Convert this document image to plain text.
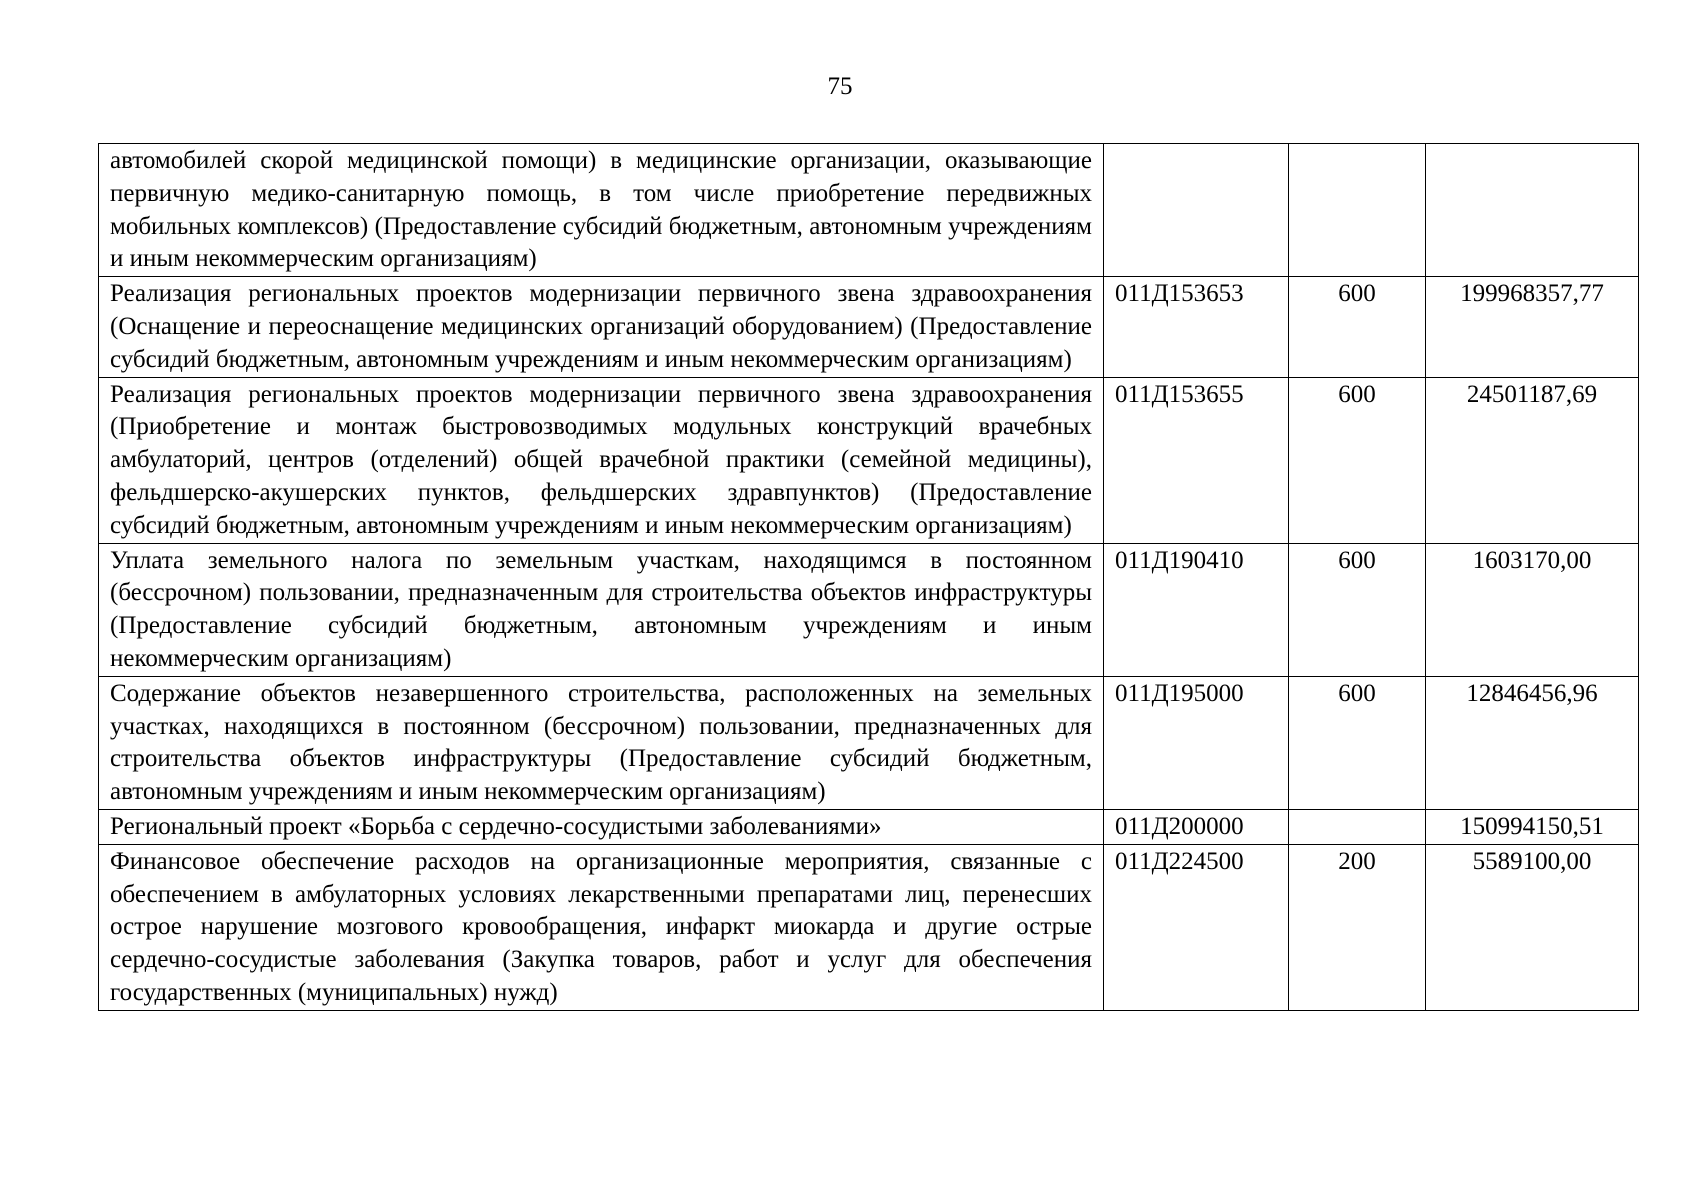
75
автомобилей скорой медицинской помощи) в медицинские организации, оказывающие первичную медико-санитарную помощь, в том числе приобретение передвижных мобильных комплексов) (Предоставление субсидий бюджетным, автономным учреждениям и иным некоммерческим организациям)			
Реализация региональных проектов модернизации первичного звена здравоохранения (Оснащение и переоснащение медицинских организаций оборудованием) (Предоставление субсидий бюджетным, автономным учреждениям и иным некоммерческим организациям)	011Д153653	600	199968357,77
Реализация региональных проектов модернизации первичного звена здравоохранения (Приобретение и монтаж быстровозводимых модульных конструкций врачебных амбулаторий, центров (отделений) общей врачебной практики (семейной медицины), фельдшерско-акушерских пунктов, фельдшерских здравпунктов) (Предоставление субсидий бюджетным, автономным учреждениям и иным некоммерческим организациям)	011Д153655	600	24501187,69
Уплата земельного налога по земельным участкам, находящимся в постоянном (бессрочном) пользовании, предназначенным для строительства объектов инфраструктуры (Предоставление субсидий бюджетным, автономным учреждениям и иным некоммерческим организациям)	011Д190410	600	1603170,00
Содержание объектов незавершенного строительства, расположенных на земельных участках, находящихся в постоянном (бессрочном) пользовании, предназначенных для строительства объектов инфраструктуры (Предоставление субсидий бюджетным, автономным учреждениям и иным некоммерческим организациям)	011Д195000	600	12846456,96
Региональный проект «Борьба с сердечно-сосудистыми заболеваниями»	011Д200000		150994150,51
Финансовое обеспечение расходов на организационные мероприятия, связанные с обеспечением в амбулаторных условиях лекарственными препаратами лиц, перенесших острое нарушение мозгового кровообращения, инфаркт миокарда и другие острые сердечно-сосудистые заболевания (Закупка товаров, работ и услуг для обеспечения государственных (муниципальных) нужд)	011Д224500	200	5589100,00
